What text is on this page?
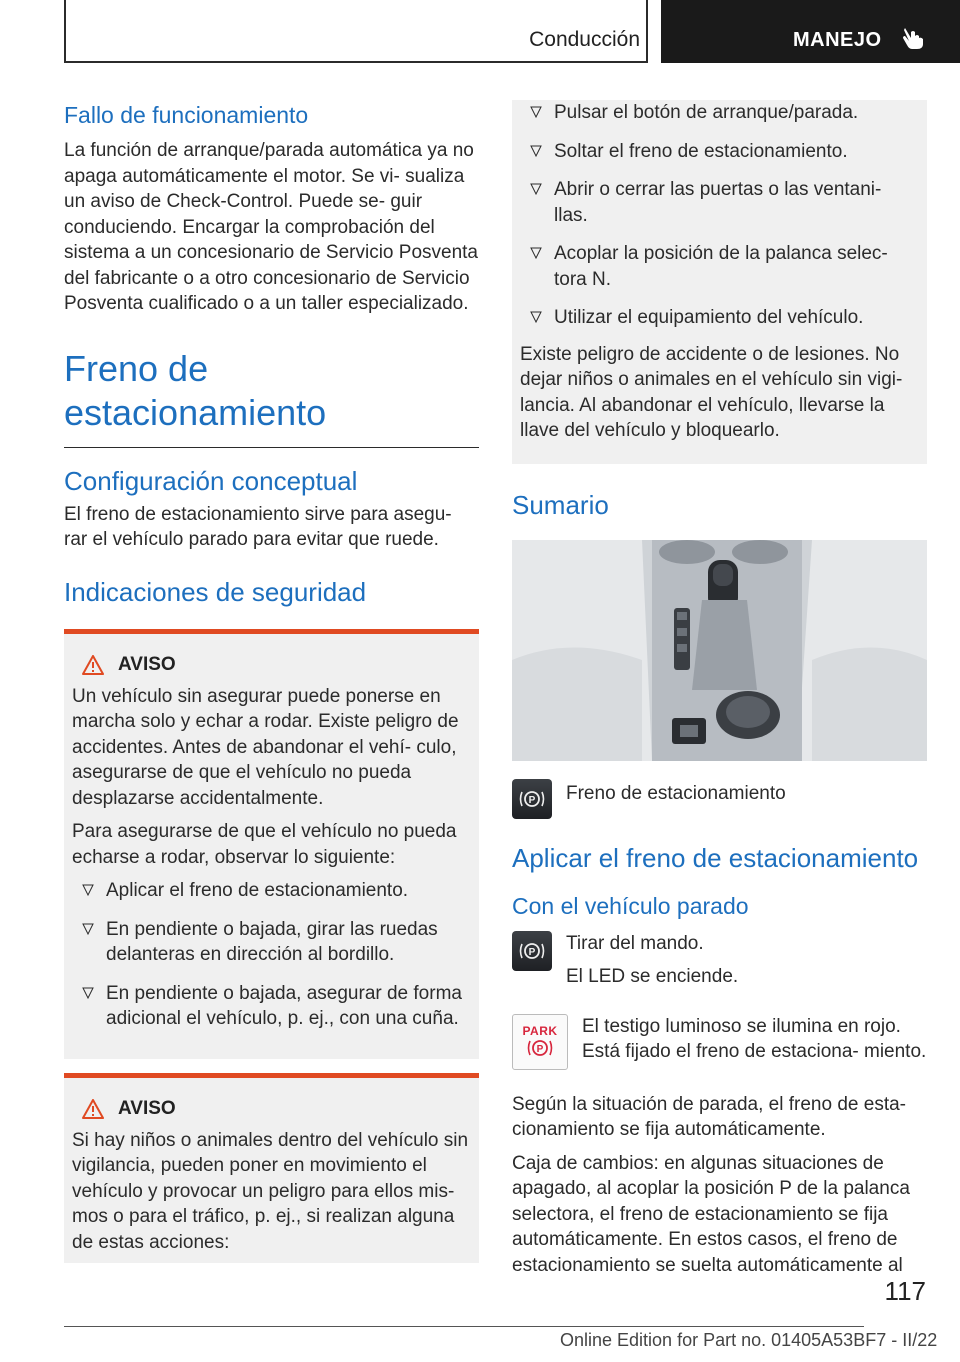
Conducción	MANEJO
Fallo de funcionamiento

La función de arranque/parada automática ya no apaga automáticamente el motor. Se vi‐ sualiza un aviso de Check-Control. Puede se‐ guir conduciendo. Encargar la comprobación del sistema a un concesionario de Servicio Posventa del fabricante o a otro concesionario de Servicio Posventa cualificado o a un taller especializado.

Freno de estacionamiento
Configuración conceptual

El freno de estacionamiento sirve para asegu‐ rar el vehículo parado para evitar que ruede.

Indicaciones de seguridad
AVISO

Un vehículo sin asegurar puede ponerse en marcha solo y echar a rodar. Existe peligro de accidentes. Antes de abandonar el vehí‐ culo, asegurarse de que el vehículo no pueda desplazarse accidentalmente.

Para asegurarse de que el vehículo no pueda echarse a rodar, observar lo siguiente:

Aplicar el freno de estacionamiento.
En pendiente o bajada, girar las ruedas delanteras en dirección al bordillo.
En pendiente o bajada, asegurar de forma adicional el vehículo, p. ej., con una cuña.
AVISO

Si hay niños o animales dentro del vehículo sin vigilancia, pueden poner en movimiento el vehículo y provocar un peligro para ellos mis‐ mos o para el tráfico, p. ej., si realizan alguna de estas acciones:

Pulsar el botón de arranque/parada.
Soltar el freno de estacionamiento.
Abrir o cerrar las puertas o las ventani‐ llas.
Acoplar la posición de la palanca selec‐ tora N.
Utilizar el equipamiento del vehículo.

Existe peligro de accidente o de lesiones. No dejar niños o animales en el vehículo sin vigi‐ lancia. Al abandonar el vehículo, llevarse la llave del vehículo y bloquearlo.

Sumario
P Freno de estacionamiento

Aplicar el freno de estacionamiento
Con el vehículo parado
P Tirar del mando.

El LED se enciende.

PARK
P

El testigo luminoso se ilumina en rojo. Está fijado el freno de estaciona‐ miento.

Según la situación de parada, el freno de esta‐ cionamiento se fija automáticamente.

Caja de cambios: en algunas situaciones de apagado, al acoplar la posición P de la palanca selectora, el freno de estacionamiento se fija automáticamente. En estos casos, el freno de estacionamiento se suelta automáticamente al

117
Online Edition for Part no. 01405A53BF7 - II/22
